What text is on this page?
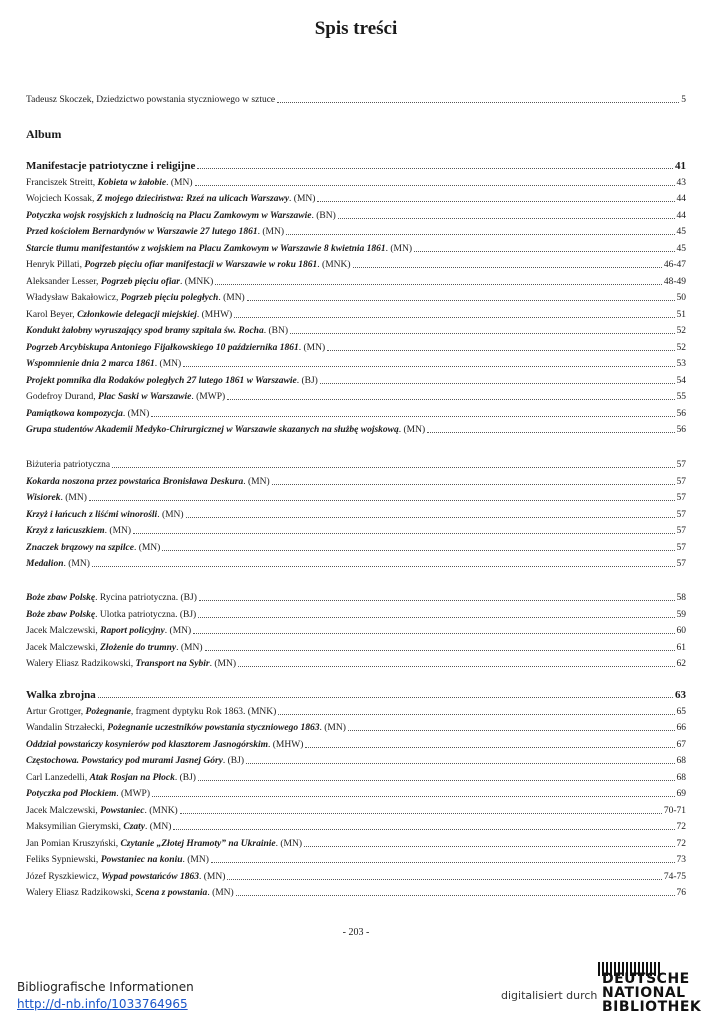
Spis treści
Tadeusz Skoczek, Dziedzictwo powstania styczniowego w sztuce	5
Manifestacje patriotyczne i religijne	41
Franciszek Streitt, Kobieta w żałobie. (MN)	43
Wojciech Kossak, Z mojego dzieciństwa: Rzeź na ulicach Warszawy. (MN)	44
Potyczka wojsk rosyjskich z ludnością na Placu Zamkowym w Warszawie. (BN)	44
Przed kościołem Bernardynów w Warszawie 27 lutego 1861. (MN)	45
Starcie tłumu manifestantów z wojskiem na Placu Zamkowym w Warszawie 8 kwietnia 1861. (MN)	45
Henryk Pillati, Pogrzeb pięciu ofiar manifestacji w Warszawie w roku 1861. (MNK)	46-47
Aleksander Lesser, Pogrzeb pięciu ofiar. (MNK)	48-49
Władysław Bakałowicz, Pogrzeb pięciu poległych. (MN)	50
Karol Beyer, Członkowie delegacji miejskiej. (MHW)	51
Kondukt żałobny wyruszający spod bramy szpitala św. Rocha. (BN)	52
Pogrzeb Arcybiskupa Antoniego Fijałkowskiego 10 października 1861. (MN)	52
Wspomnienie dnia 2 marca 1861. (MN)	53
Projekt pomnika dla Rodaków poległych 27 lutego 1861 w Warszawie. (BJ)	54
Godefroy Durand, Plac Saski w Warszawie. (MWP)	55
Pamiątkowa kompozycja. (MN)	56
Grupa studentów Akademii Medyko-Chirurgicznej w Warszawie skazanych na służbę wojskową. (MN)	56
Biżuteria patriotyczna	57
Kokarda noszona przez powstańca Bronisława Deskura. (MN)	57
Wisiorek. (MN)	57
Krzyż i łańcuch z liśćmi winorośli. (MN)	57
Krzyż z łańcuszkiem. (MN)	57
Znaczek brązowy na szpilce. (MN)	57
Medalion. (MN)	57
Boże zbaw Polskę. Rycina patriotyczna. (BJ)	58
Boże zbaw Polskę. Ulotka patriotyczna. (BJ)	59
Jacek Malczewski, Raport policyjny. (MN)	60
Jacek Malczewski, Złożenie do trumny. (MN)	61
Walery Eliasz Radzikowski, Transport na Sybir. (MN)	62
Walka zbrojna	63
Artur Grottger, Pożegnanie, fragment dyptyku Rok 1863. (MNK)	65
Wandalin Strzałecki, Pożegnanie uczestników powstania styczniowego 1863. (MN)	66
Oddział powstańczy kosynierów pod klasztorem Jasnogórskim. (MHW)	67
Częstochowa. Powstańcy pod murami Jasnej Góry. (BJ)	68
Carl Lanzedelli, Atak Rosjan na Płock. (BJ)	68
Potyczka pod Płockiem. (MWP)	69
Jacek Malczewski, Powstaniec. (MNK)	70-71
Maksymilian Gierymski, Czaty. (MN)	72
Jan Pomian Kruszyński, Czytanie „Złotej Hramoty” na Ukrainie. (MN)	72
Feliks Sypniewski, Powstaniec na koniu. (MN)	73
Józef Ryszkiewicz, Wypad powstańców 1863. (MN)	74-75
Walery Eliasz Radzikowski, Scena z powstania. (MN)	76
Album
- 203 -
Bibliografische Informationen
http://d-nb.info/1033764965
digitalisiert durch
DEUTSCHE
NATIONAL
BIBLIOTHEK
